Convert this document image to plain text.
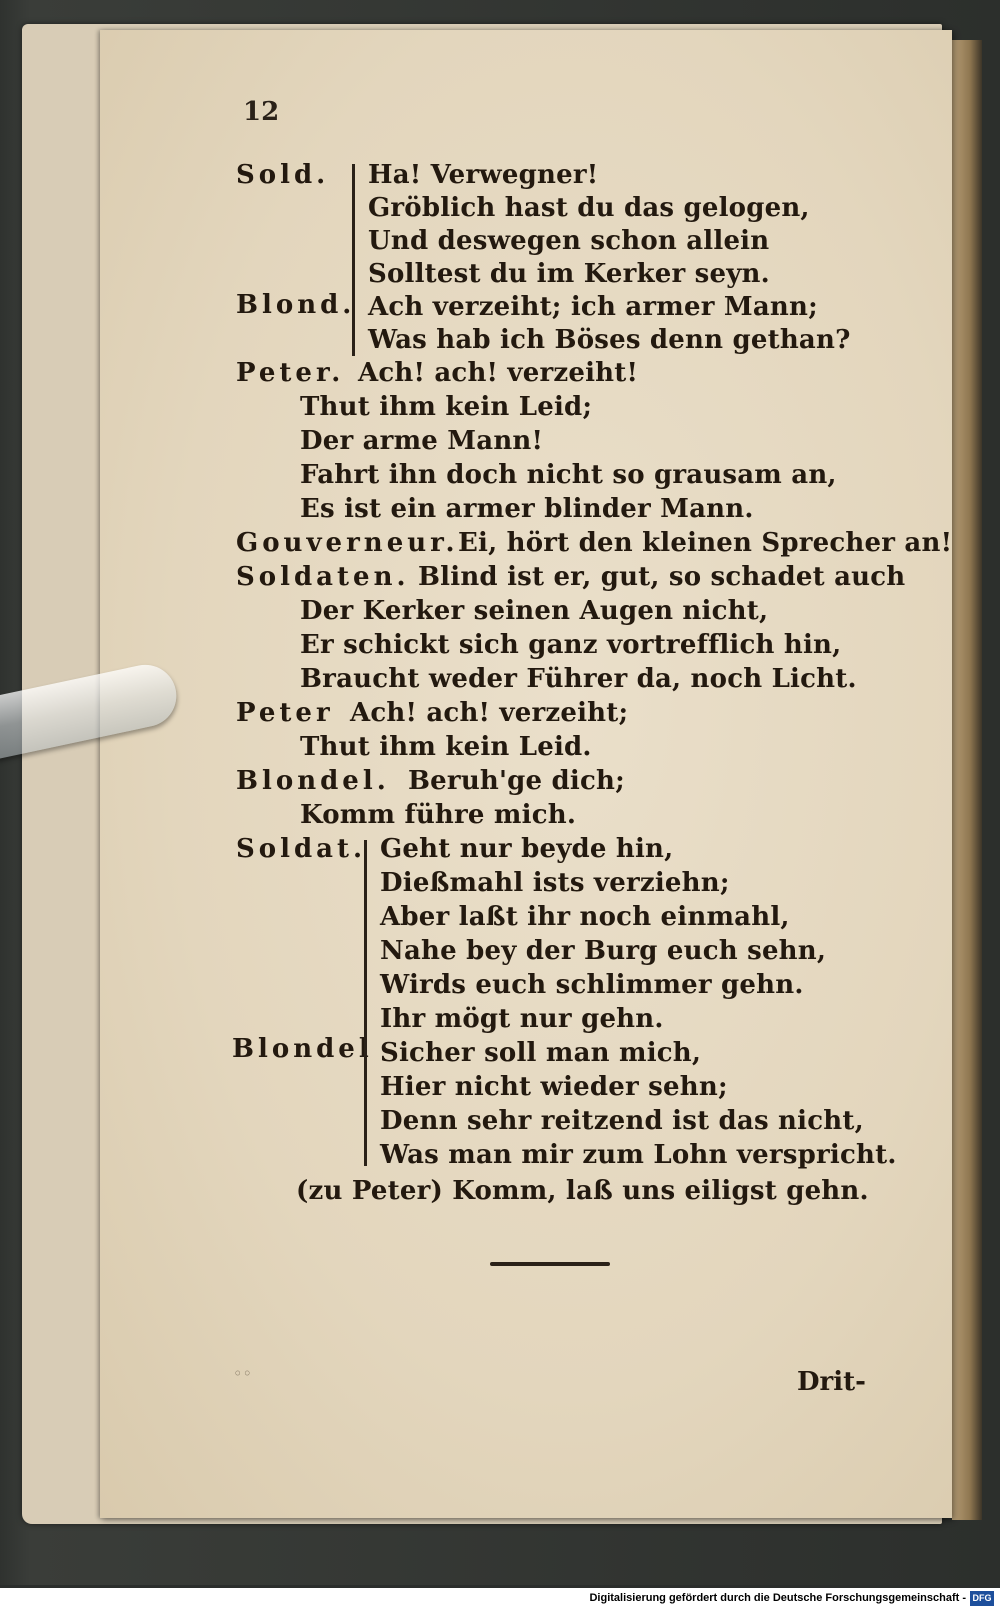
12
Sold.
Blond.
Ha! Verwegner!
Gröblich hast du das gelogen,
Und deswegen schon allein
Solltest du im Kerker seyn.
Ach verzeiht; ich armer Mann;
Was hab ich Böses denn gethan?
Peter. Ach! ach! verzeiht!
Thut ihm kein Leid;
Der arme Mann!
Fahrt ihn doch nicht so grausam an,
Es ist ein armer blinder Mann.
Gouverneur. Ei, hört den kleinen Sprecher an!
Soldaten. Blind ist er, gut, so schadet auch
Der Kerker seinen Augen nicht,
Er schickt sich ganz vortrefflich hin,
Braucht weder Führer da, noch Licht.
Peter Ach! ach! verzeiht;
Thut ihm kein Leid.
Blondel. Beruh'ge dich;
Komm führe mich.
Soldat.
Blondel
Geht nur beyde hin,
Dießmahl ists verziehn;
Aber laßt ihr noch einmahl,
Nahe bey der Burg euch sehn,
Wirds euch schlimmer gehn.
Ihr mögt nur gehn.
Sicher soll man mich,
Hier nicht wieder sehn;
Denn sehr reitzend ist das nicht,
Was man mir zum Lohn verspricht.
(zu Peter) Komm, laß uns eiligst gehn.
◦◦	Drit-
Digitalisierung gefördert durch die Deutsche Forschungsgemeinschaft - DFG
